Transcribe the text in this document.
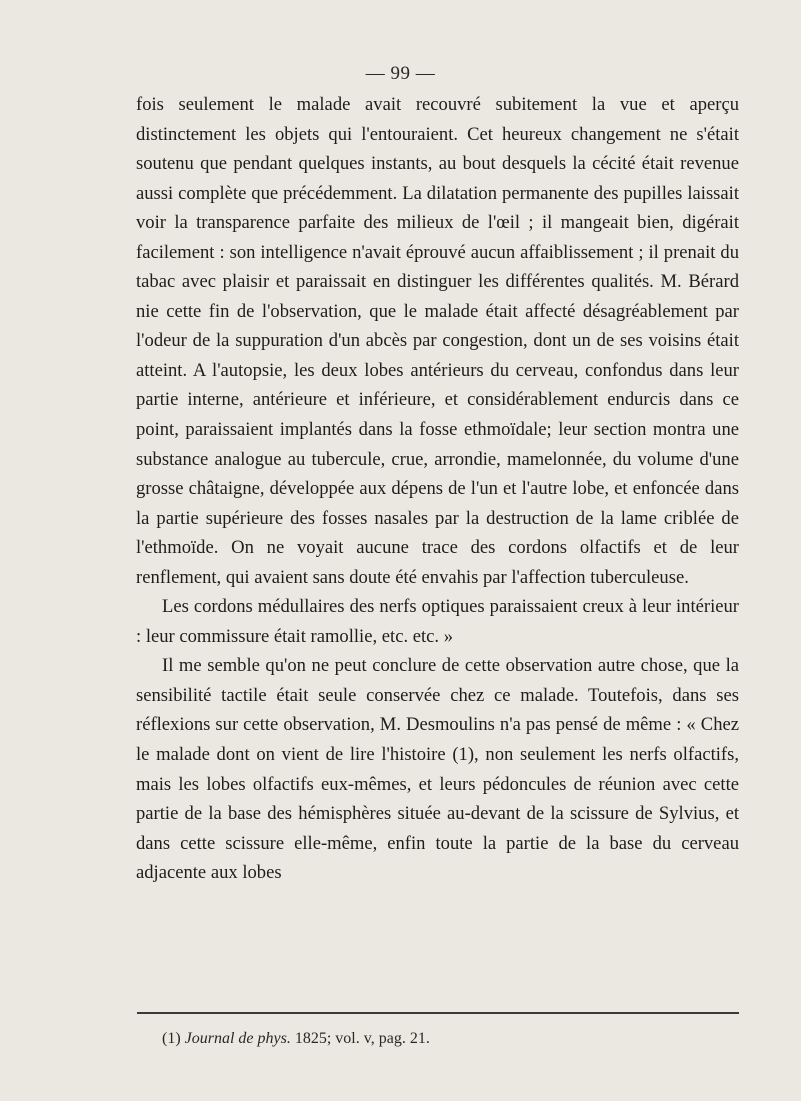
— 99 —

fois seulement le malade avait recouvré subitement la vue et aperçu distinctement les objets qui l'entouraient. Cet heureux changement ne s'était soutenu que pendant quelques instants, au bout desquels la cécité était revenue aussi complète que précédemment. La dilatation permanente des pupilles laissait voir la transparence parfaite des milieux de l'œil ; il mangeait bien, digérait facilement : son intelligence n'avait éprouvé aucun affaiblissement ; il prenait du tabac avec plaisir et paraissait en distinguer les différentes qualités. M. Bérard nie cette fin de l'observation, que le malade était affecté désagréablement par l'odeur de la suppuration d'un abcès par congestion, dont un de ses voisins était atteint. A l'autopsie, les deux lobes antérieurs du cerveau, confondus dans leur partie interne, antérieure et inférieure, et considérablement endurcis dans ce point, paraissaient implantés dans la fosse ethmoïdale; leur section montra une substance analogue au tubercule, crue, arrondie, mamelonnée, du volume d'une grosse châtaigne, développée aux dépens de l'un et l'autre lobe, et enfoncée dans la partie supérieure des fosses nasales par la destruction de la lame criblée de l'ethmoïde. On ne voyait aucune trace des cordons olfactifs et de leur renflement, qui avaient sans doute été envahis par l'affection tuberculeuse.

Les cordons médullaires des nerfs optiques paraissaient creux à leur intérieur : leur commissure était ramollie, etc. etc. »

Il me semble qu'on ne peut conclure de cette observation autre chose, que la sensibilité tactile était seule conservée chez ce malade. Toutefois, dans ses réflexions sur cette observation, M. Desmoulins n'a pas pensé de même : « Chez le malade dont on vient de lire l'histoire (1), non seulement les nerfs olfactifs, mais les lobes olfactifs eux-mêmes, et leurs pédoncules de réunion avec cette partie de la base des hémisphères située au-devant de la scissure de Sylvius, et dans cette scissure elle-même, enfin toute la partie de la base du cerveau adjacente aux lobes

(1) Journal de phys. 1825; vol. v, pag. 21.
